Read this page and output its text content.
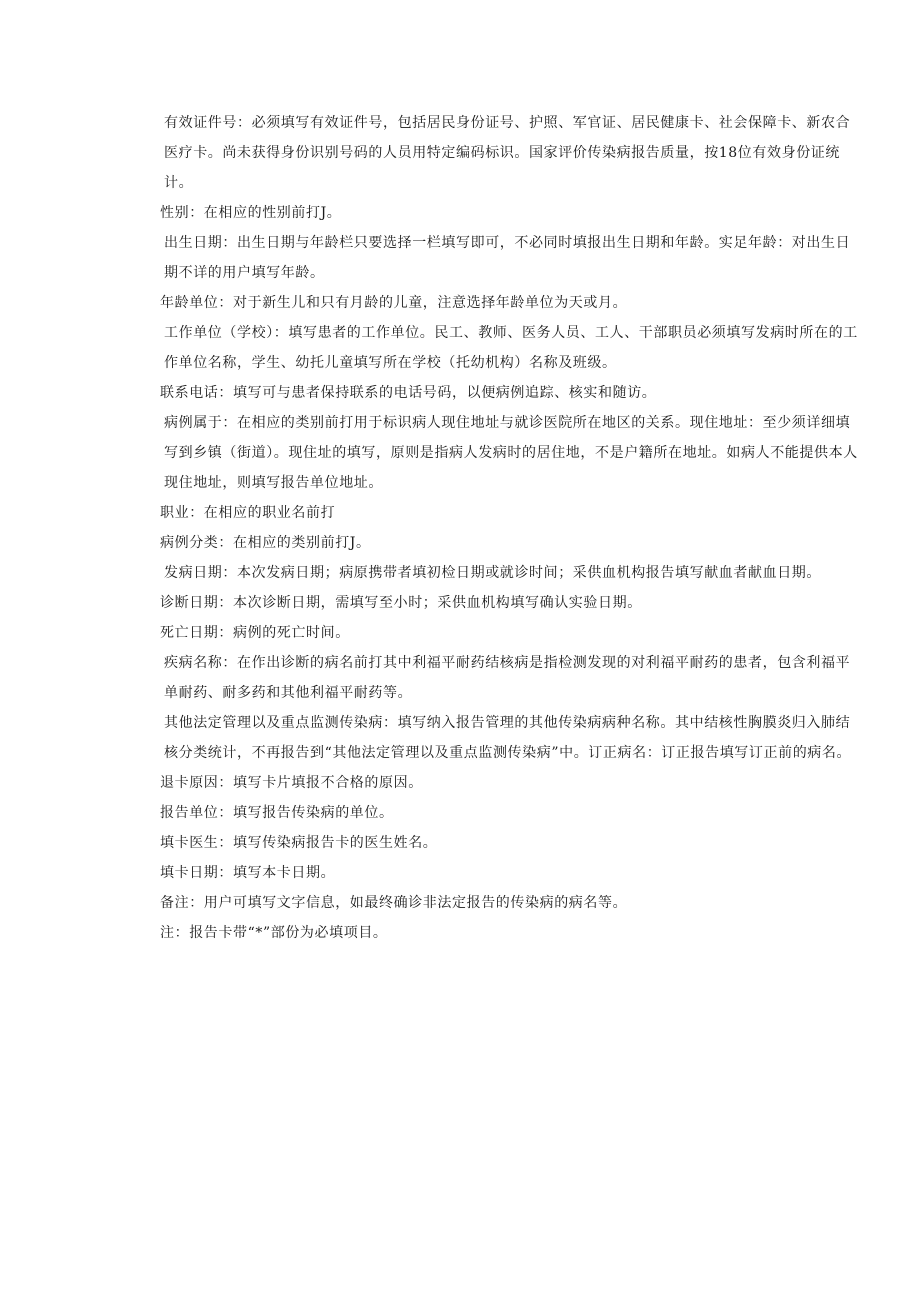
有效证件号：必须填写有效证件号，包括居民身份证号、护照、军官证、居民健康卡、社会保障卡、新农合医疗卡。尚未获得身份识别号码的人员用特定编码标识。国家评价传染病报告质量，按18位有效身份证统计。

性别：在相应的性别前打J。

出生日期：出生日期与年龄栏只要选择一栏填写即可，不必同时填报出生日期和年龄。实足年龄：对出生日期不详的用户填写年龄。

年龄单位：对于新生儿和只有月龄的儿童，注意选择年龄单位为天或月。

工作单位（学校）：填写患者的工作单位。民工、教师、医务人员、工人、干部职员必须填写发病时所在的工作单位名称，学生、幼托儿童填写所在学校（托幼机构）名称及班级。

联系电话：填写可与患者保持联系的电话号码，以便病例追踪、核实和随访。

病例属于：在相应的类别前打用于标识病人现住地址与就诊医院所在地区的关系。现住地址：至少须详细填写到乡镇（街道）。现住址的填写，原则是指病人发病时的居住地，不是户籍所在地址。如病人不能提供本人现住地址，则填写报告单位地址。

职业：在相应的职业名前打

病例分类：在相应的类别前打J。

发病日期：本次发病日期；病原携带者填初检日期或就诊时间；采供血机构报告填写献血者献血日期。

诊断日期：本次诊断日期，需填写至小时；采供血机构填写确认实验日期。

死亡日期：病例的死亡时间。

疾病名称：在作出诊断的病名前打其中利福平耐药结核病是指检测发现的对利福平耐药的患者，包含利福平单耐药、耐多药和其他利福平耐药等。

其他法定管理以及重点监测传染病：填写纳入报告管理的其他传染病病种名称。其中结核性胸膜炎归入肺结核分类统计，不再报告到“其他法定管理以及重点监测传染病”中。订正病名：订正报告填写订正前的病名。

退卡原因：填写卡片填报不合格的原因。

报告单位：填写报告传染病的单位。

填卡医生：填写传染病报告卡的医生姓名。

填卡日期：填写本卡日期。

备注：用户可填写文字信息，如最终确诊非法定报告的传染病的病名等。

注：报告卡带“*”部份为必填项目。
